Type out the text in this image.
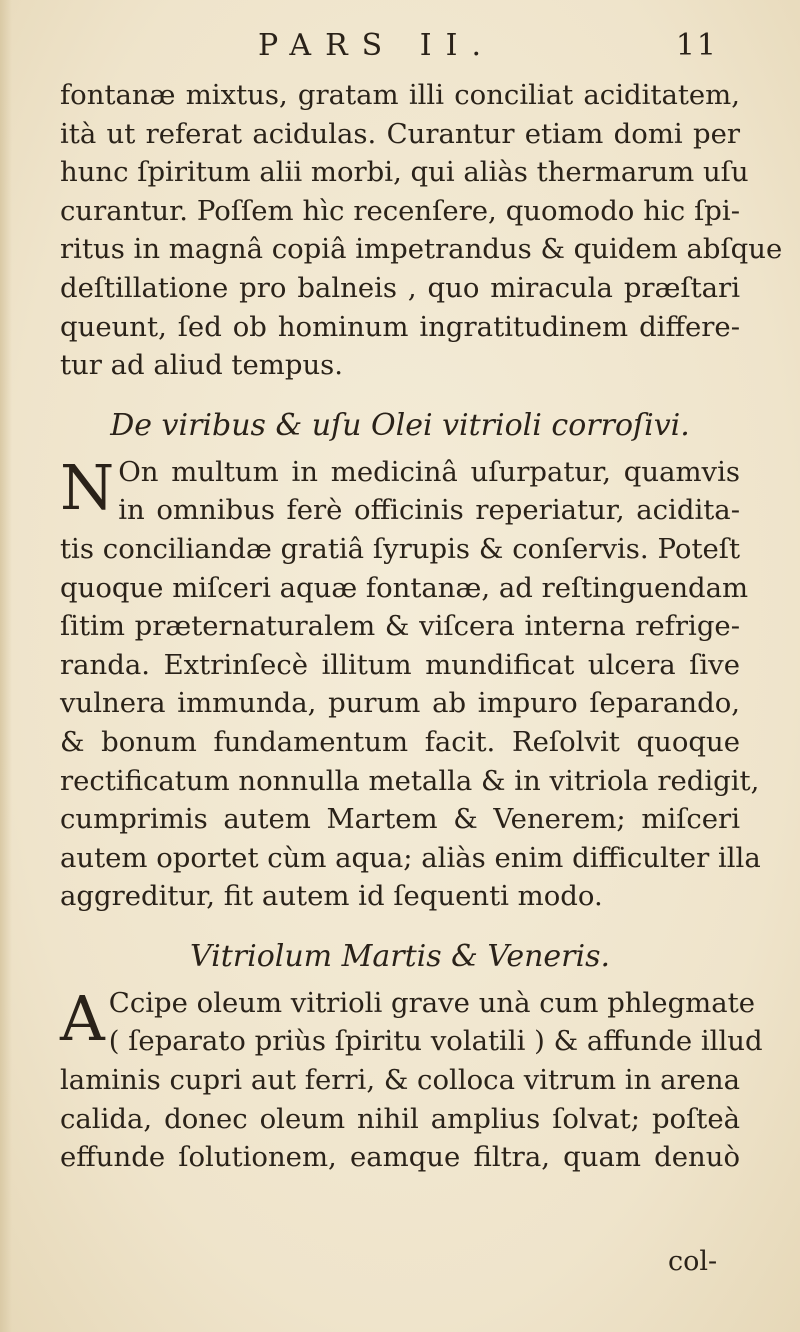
PARS II.	11
fontanæ mixtus, gratam illi conciliat aciditatem,
ità ut referat acidulas. Curantur etiam domi per
hunc ſpiritum alii morbi, qui aliàs thermarum uſu
curantur. Poſſem hìc recenſere, quomodo hic ſpi-
ritus in magnâ copiâ impetrandus & quidem abſque
deſtillatione pro balneis , quo miracula præſtari
queunt, ſed ob hominum ingratitudinem differe-
tur ad aliud tempus.
De viribus & uſu Olei vitrioli corroſivi.
N On multum in medicinâ uſurpatur, quamvis
in omnibus ferè officinis reperiatur, acidita-
tis conciliandæ gratiâ ſyrupis & conſervis. Poteſt
quoque miſceri aquæ fontanæ, ad reſtinguendam
ſitim præternaturalem & viſcera interna refrige-
randa. Extrinſecè illitum mundificat ulcera ſive
vulnera immunda, purum ab impuro ſeparando,
& bonum fundamentum facit. Reſolvit quoque
rectificatum nonnulla metalla & in vitriola redigit,
cumprimis autem Martem & Venerem; miſceri
autem oportet cùm aqua; aliàs enim difficulter illa
aggreditur, fit autem id ſequenti modo.
Vitriolum Martis & Veneris.
A Ccipe oleum vitrioli grave unà cum phlegmate
( ſeparato priùs ſpiritu volatili ) & affunde illud
laminis cupri aut ferri, & colloca vitrum in arena
calida, donec oleum nihil amplius ſolvat; poſteà
effunde ſolutionem, eamque filtra, quam denuò
col-
